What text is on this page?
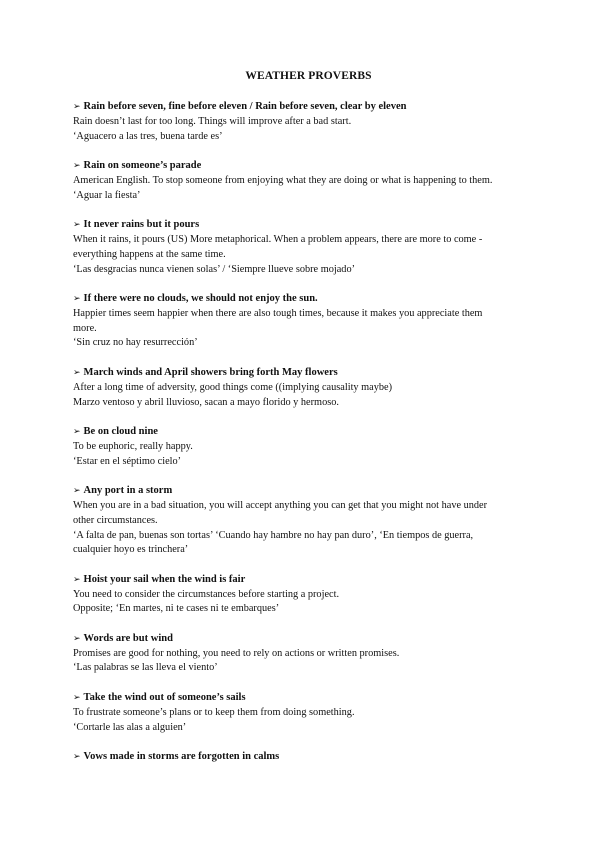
WEATHER PROVERBS

➢ Rain before seven, fine before eleven / Rain before seven, clear by eleven

Rain doesn’t last for too long. Things will improve after a bad start.

‘Aguacero a las tres, buena tarde es’

➢ Rain on someone’s parade

American English. To stop someone from enjoying what they are doing or what is happening to them.

‘Aguar la fiesta’

➢ It never rains but it pours

When it rains, it pours (US) More metaphorical. When a problem appears, there are more to come -

everything happens at the same time.

‘Las desgracias nunca vienen solas’ / ‘Siempre llueve sobre mojado’

➢ If there were no clouds, we should not enjoy the sun.

Happier times seem happier when there are also tough times, because it makes you appreciate them

more.

‘Sin cruz no hay resurrección’

➢ March winds and April showers bring forth May flowers

After a long time of adversity, good things come ((implying causality maybe)

Marzo ventoso y abril lluvioso, sacan a mayo florido y hermoso.

➢ Be on cloud nine

To be euphoric, really happy.

‘Estar en el séptimo cielo’

➢ Any port in a storm

When you are in a bad situation, you will accept anything you can get that you might not have under

other circumstances.

‘A falta de pan, buenas son tortas’ ‘Cuando hay hambre no hay pan duro’, ‘En tiempos de guerra,

cualquier hoyo es trinchera’

➢ Hoist your sail when the wind is fair

You need to consider the circumstances before starting a project.

Opposite; ‘En martes, ni te cases ni te embarques’

➢ Words are but wind

Promises are good for nothing, you need to rely on actions or written promises.

‘Las palabras se las lleva el viento’

➢ Take the wind out of someone’s sails

To frustrate someone’s plans or to keep them from doing something.

‘Cortarle las alas a alguien’

➢ Vows made in storms are forgotten in calms
